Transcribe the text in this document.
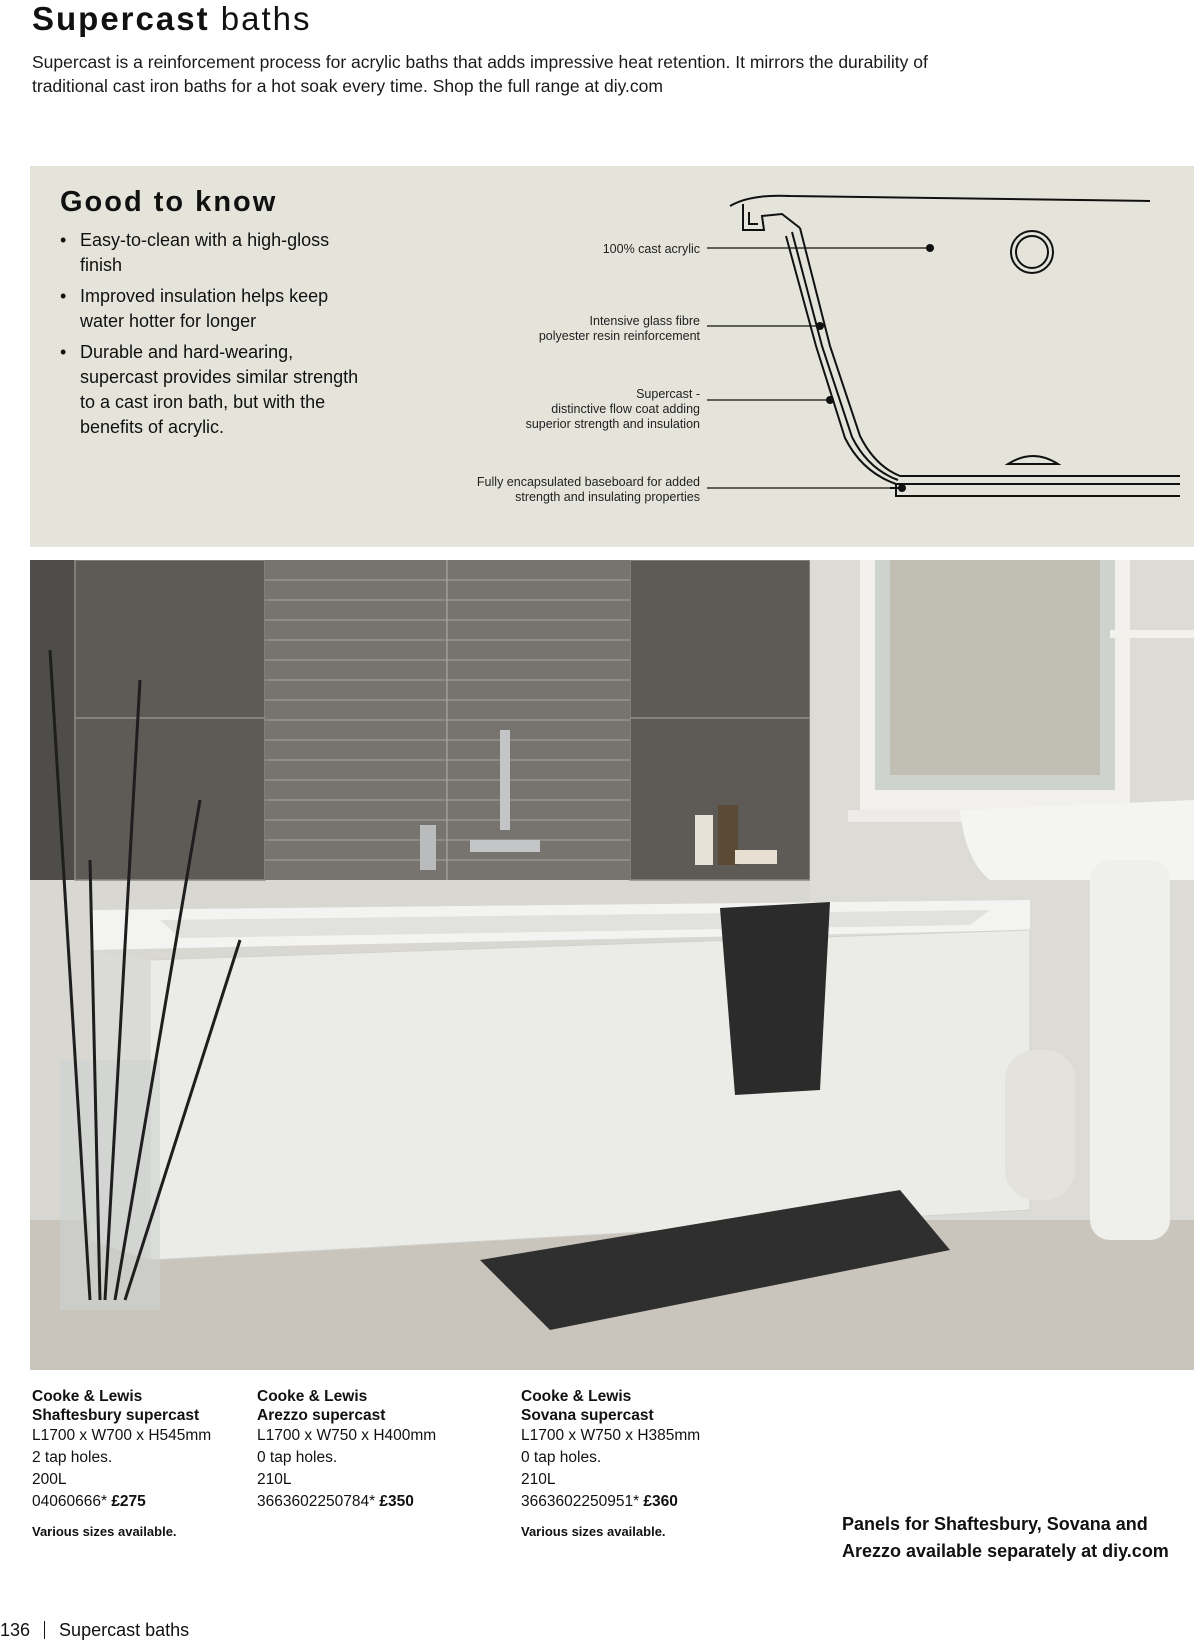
Supercast baths
Supercast is a reinforcement process for acrylic baths that adds impressive heat retention. It mirrors the durability of traditional cast iron baths for a hot soak every time. Shop the full range at diy.com
Good to know
• Easy-to-clean with a high-gloss finish
• Improved insulation helps keep water hotter for longer
• Durable and hard-wearing, supercast provides similar strength to a cast iron bath, but with the benefits of acrylic.
100% cast acrylic
Intensive glass fibre
polyester resin reinforcement
Supercast -
distinctive flow coat adding
superior strength and insulation
Fully encapsulated baseboard for added
strength and insulating properties
Cooke & Lewis
Shaftesbury supercast
L1700 x W700 x H545mm
2 tap holes.
200L
04060666* £275
Various sizes available.
Cooke & Lewis
Arezzo supercast
L1700 x W750 x H400mm
0 tap holes.
210L
3663602250784* £350
Cooke & Lewis
Sovana supercast
L1700 x W750 x H385mm
0 tap holes.
210L
3663602250951* £360
Various sizes available.	Panels for Shaftesbury, Sovana and Arezzo available separately at diy.com
136 Supercast baths
